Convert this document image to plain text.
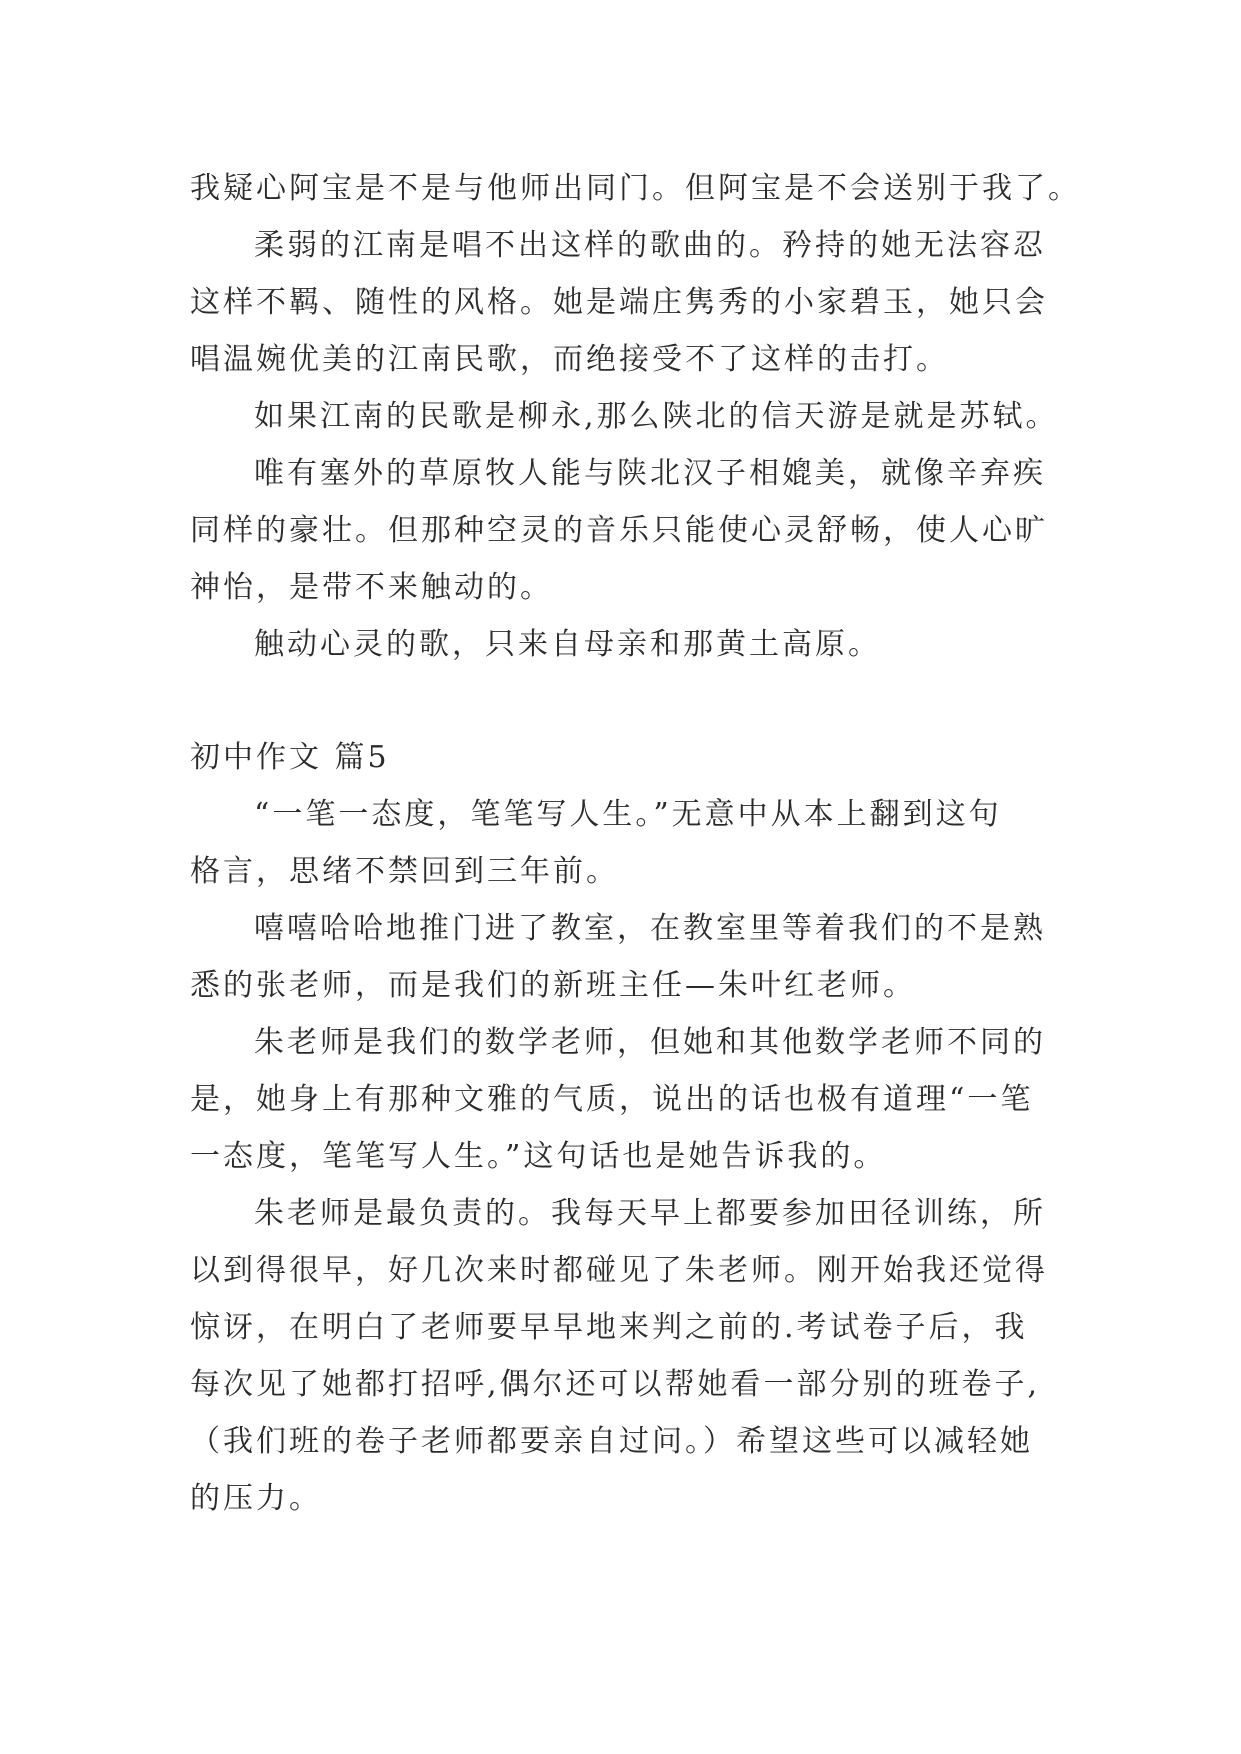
我疑心阿宝是不是与他师出同门。但阿宝是不会送别于我了。
柔弱的江南是唱不出这样的歌曲的。矜持的她无法容忍
这样不羁、随性的风格。她是端庄隽秀的小家碧玉，她只会
唱温婉优美的江南民歌，而绝接受不了这样的击打。
如果江南的民歌是柳永,那么陕北的信天游是就是苏轼。
唯有塞外的草原牧人能与陕北汉子相媲美，就像辛弃疾
同样的豪壮。但那种空灵的音乐只能使心灵舒畅，使人心旷
神怡，是带不来触动的。
触动心灵的歌，只来自母亲和那黄土高原。
初中作文 篇5
“一笔一态度，笔笔写人生。”无意中从本上翻到这句
格言，思绪不禁回到三年前。
嘻嘻哈哈地推门进了教室，在教室里等着我们的不是熟
悉的张老师，而是我们的新班主任—朱叶红老师。
朱老师是我们的数学老师，但她和其他数学老师不同的
是，她身上有那种文雅的气质，说出的话也极有道理“一笔
一态度，笔笔写人生。”这句话也是她告诉我的。
朱老师是最负责的。我每天早上都要参加田径训练，所
以到得很早，好几次来时都碰见了朱老师。刚开始我还觉得
惊讶，在明白了老师要早早地来判之前的.考试卷子后，我
每次见了她都打招呼,偶尔还可以帮她看一部分别的班卷子,
（我们班的卷子老师都要亲自过问。）希望这些可以减轻她
的压力。
